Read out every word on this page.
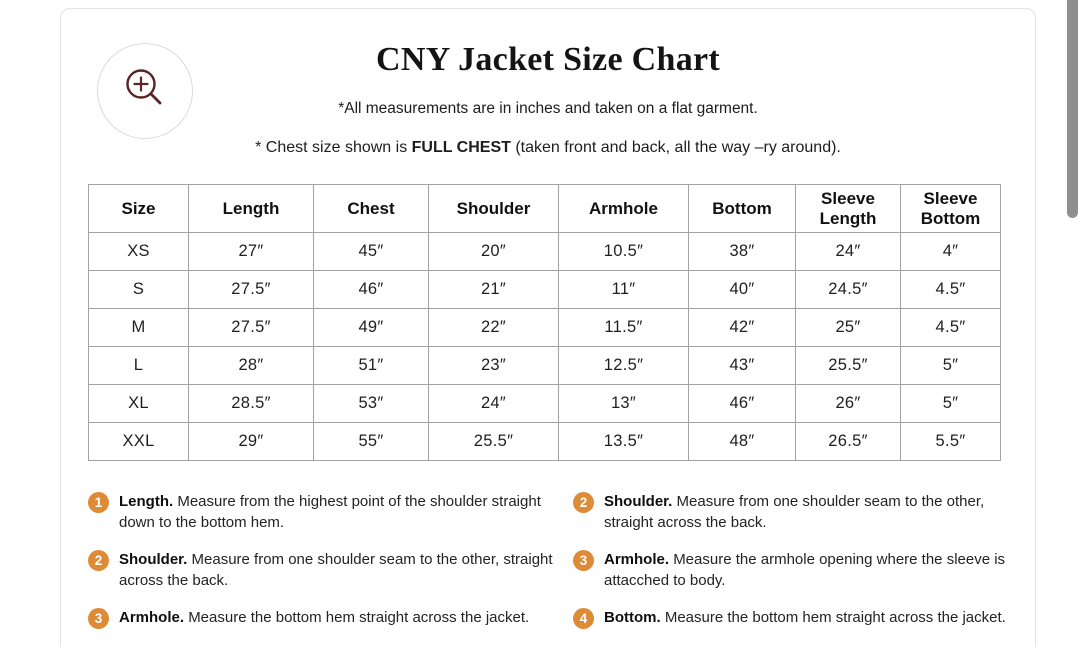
CNY Jacket Size Chart
*All measurements are in inches and taken on a flat garment.
* Chest size shown is FULL CHEST (taken front and back, all the way –ry around).
Size	Length	Chest	Shoulder	Armhole	Bottom	Sleeve Length	Sleeve Bottom
XS	27″	45″	20″	10.5″	38″	24″	4″
S	27.5″	46″	21″	11″	40″	24.5″	4.5″
M	27.5″	49″	22″	11.5″	42″	25″	4.5″
L	28″	51″	23″	12.5″	43″	25.5″	5″
XL	28.5″	53″	24″	13″	46″	26″	5″
XXL	29″	55″	25.5″	13.5″	48″	26.5″	5.5″
1	Length. Measure from the highest point of the shoulder straight down to the bottom hem.
2	Shoulder. Measure from one shoulder seam to the other, straight across the back.
3	Armhole. Measure the bottom hem straight across the jacket.
2	Shoulder. Measure from one shoulder seam to the other, straight across the back.
3	Armhole. Measure the armhole opening where the sleeve is attacched to body.
4	Bottom. Measure the bottom hem straight across the jacket.
